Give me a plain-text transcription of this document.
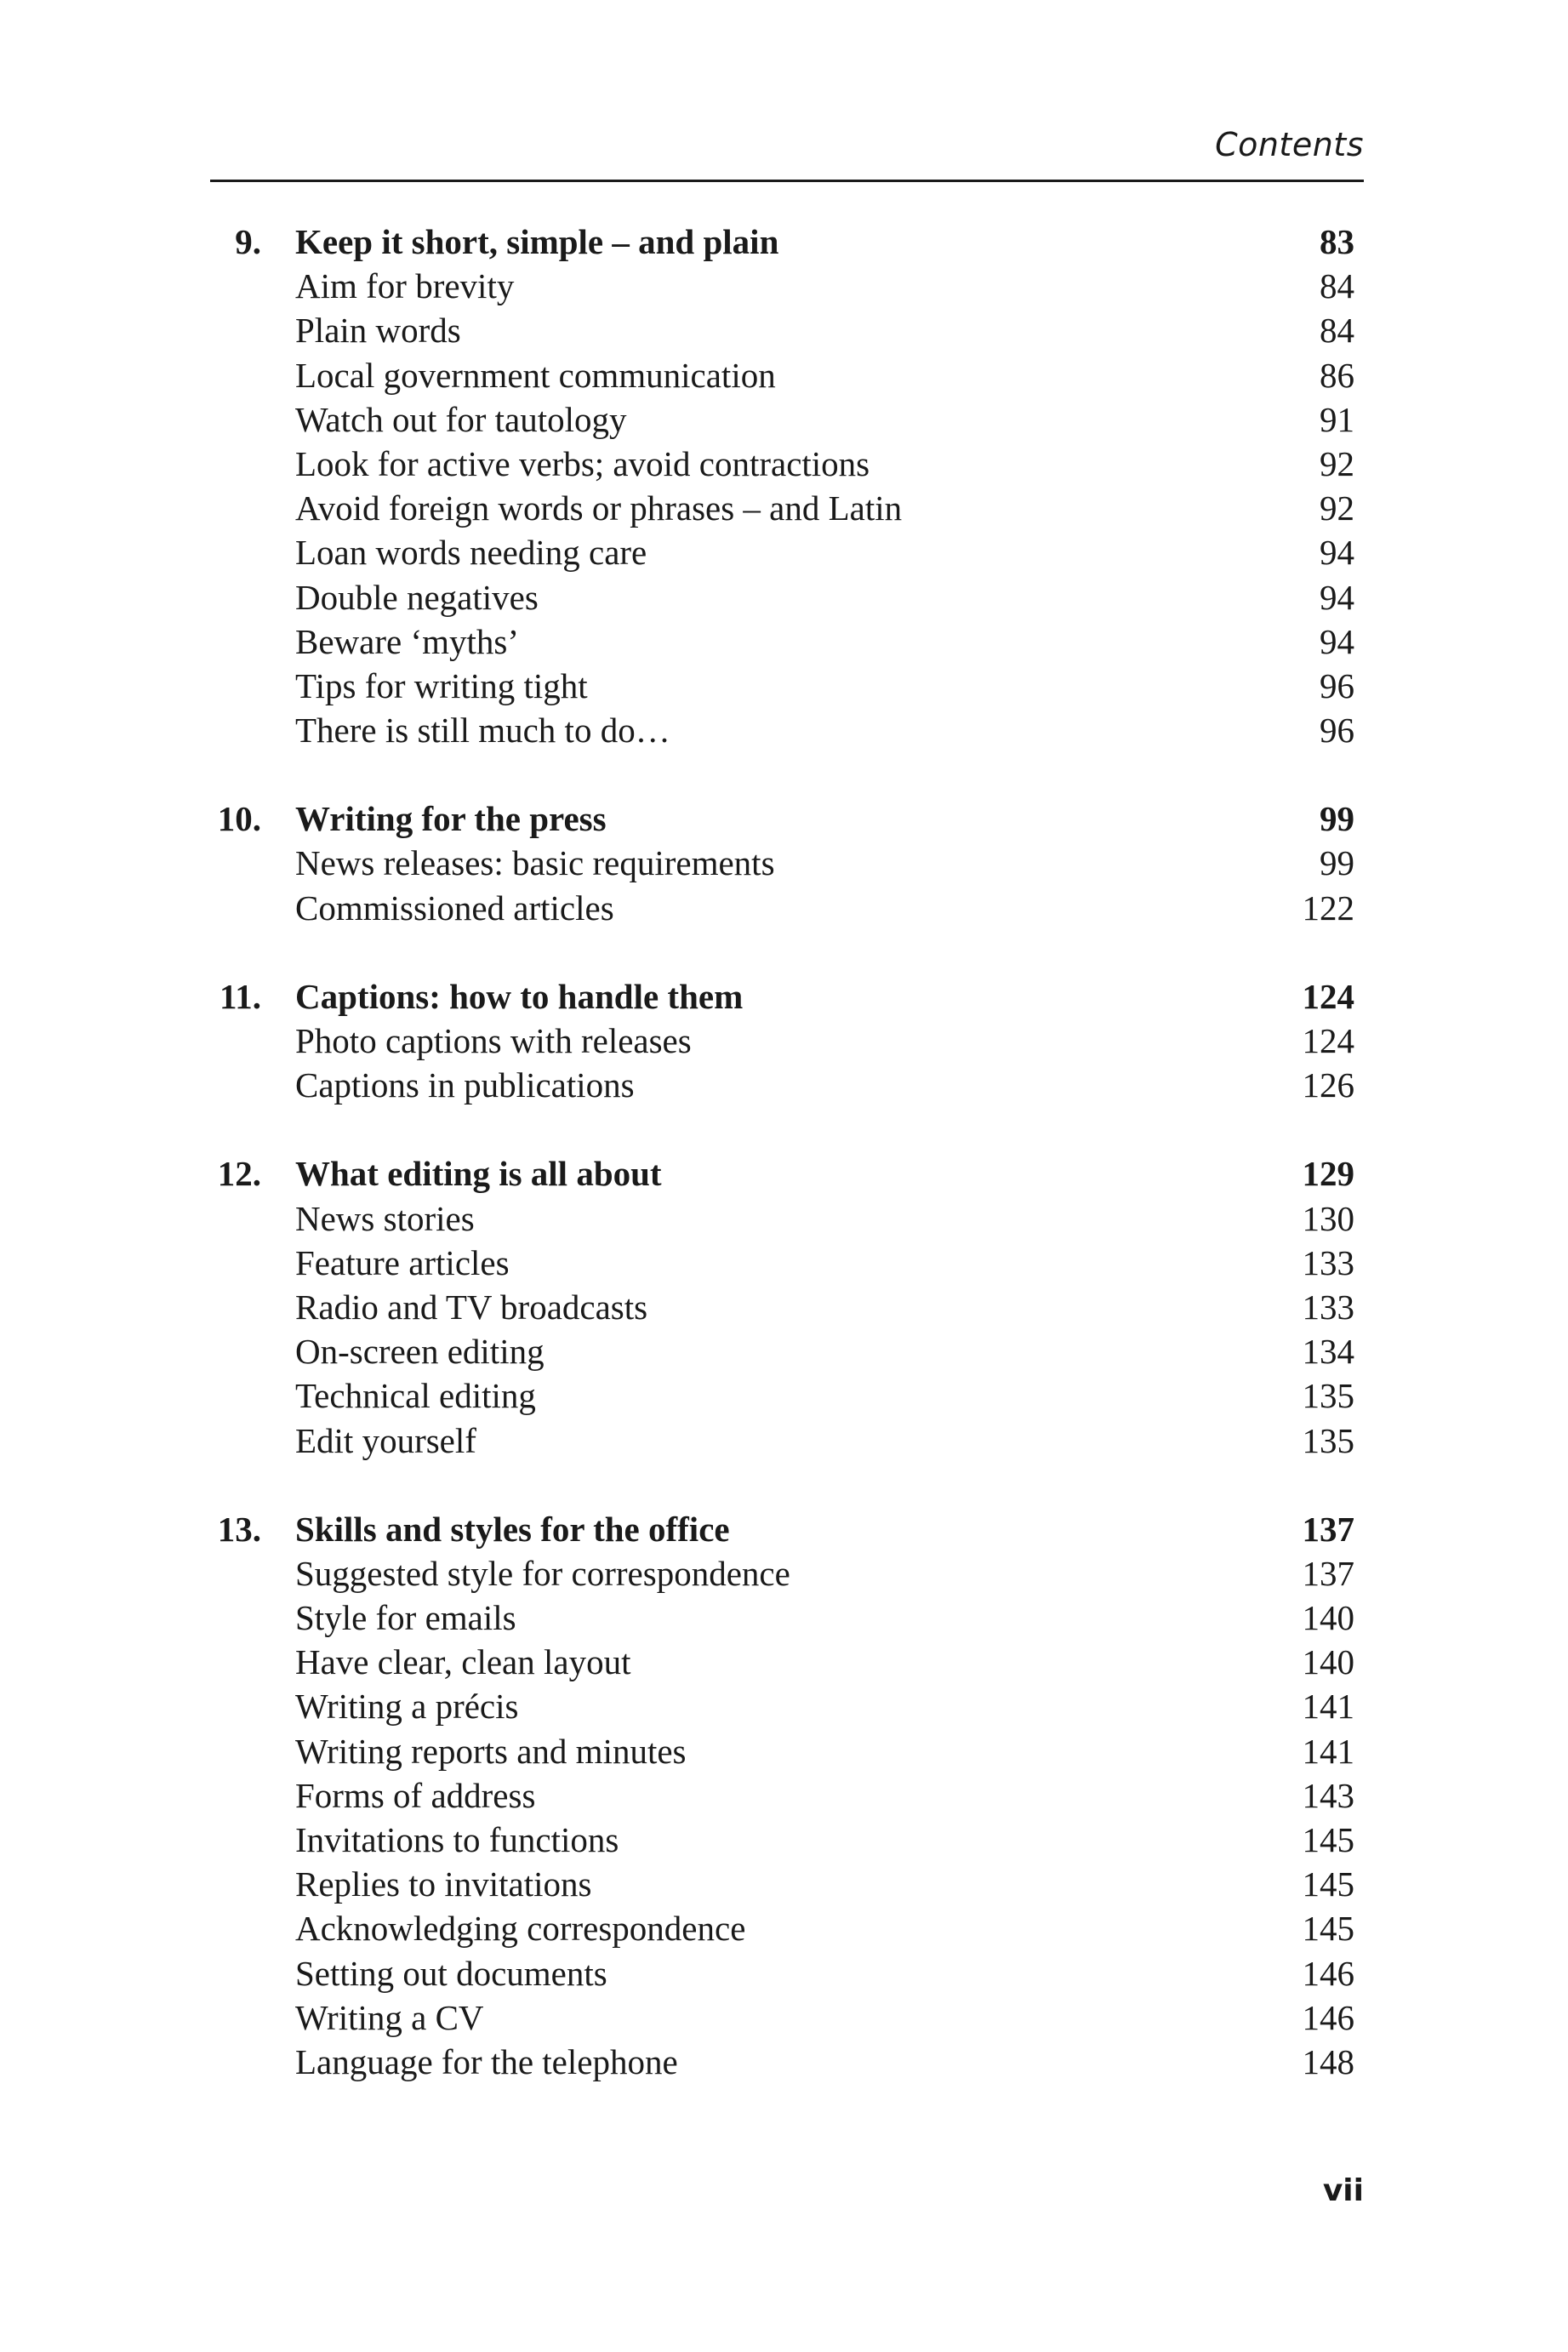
Contents
9. Keep it short, simple – and plain	83
Aim for brevity	84
Plain words	84
Local government communication	86
Watch out for tautology	91
Look for active verbs; avoid contractions	92
Avoid foreign words or phrases – and Latin	92
Loan words needing care	94
Double negatives	94
Beware ‘myths’	94
Tips for writing tight	96
There is still much to do…	96
10. Writing for the press	99
News releases: basic requirements	99
Commissioned articles	122
11. Captions: how to handle them	124
Photo captions with releases	124
Captions in publications	126
12. What editing is all about	129
News stories	130
Feature articles	133
Radio and TV broadcasts	133
On-screen editing	134
Technical editing	135
Edit yourself	135
13. Skills and styles for the office	137
Suggested style for correspondence	137
Style for emails	140
Have clear, clean layout	140
Writing a précis	141
Writing reports and minutes	141
Forms of address	143
Invitations to functions	145
Replies to invitations	145
Acknowledging correspondence	145
Setting out documents	146
Writing a CV	146
Language for the telephone	148
vii
